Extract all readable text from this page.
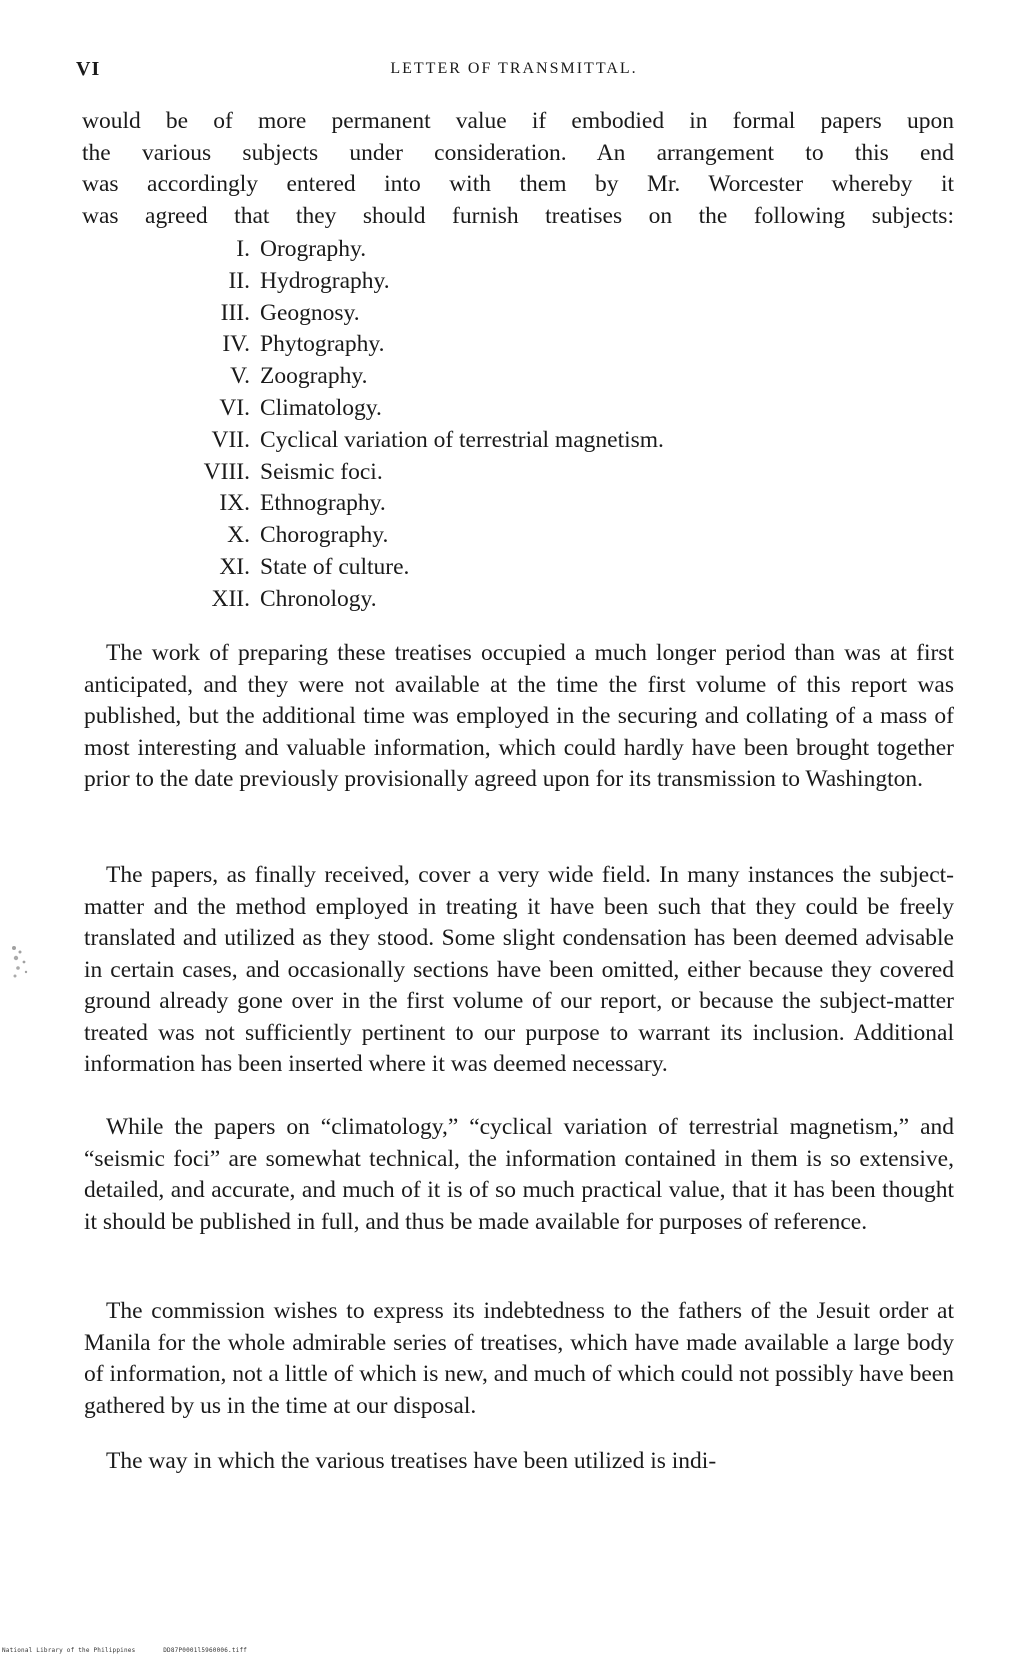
VI	LETTER OF TRANSMITTAL.
would be of more permanent value if embodied in formal papers upon
the various subjects under consideration. An arrangement to this end
was accordingly entered into with them by Mr. Worcester whereby it
was agreed that they should furnish treatises on the following subjects:
I. Orography.
II. Hydrography.
III. Geognosy.
IV. Phytography.
V. Zoography.
VI. Climatology.
VII. Cyclical variation of terrestrial magnetism.
VIII. Seismic foci.
IX. Ethnography.
X. Chorography.
XI. State of culture.
XII. Chronology.

The work of preparing these treatises occupied a much longer period than was at first anticipated, and they were not available at the time the first volume of this report was published, but the additional time was employed in the securing and collating of a mass of most interesting and valuable information, which could hardly have been brought together prior to the date previously provisionally agreed upon for its transmission to Washington.

The papers, as finally received, cover a very wide field. In many instances the subject-matter and the method employed in treating it have been such that they could be freely translated and utilized as they stood. Some slight condensation has been deemed advisable in certain cases, and occasionally sections have been omitted, either because they covered ground already gone over in the first volume of our report, or because the subject-matter treated was not sufficiently pertinent to our purpose to warrant its inclusion. Additional information has been inserted where it was deemed necessary.

While the papers on “climatology,” “cyclical variation of terrestrial magnetism,” and “seismic foci” are somewhat technical, the information contained in them is so extensive, detailed, and accurate, and much of it is of so much practical value, that it has been thought it should be published in full, and thus be made available for purposes of reference.

The commission wishes to express its indebtedness to the fathers of the Jesuit order at Manila for the whole admirable series of treatises, which have made available a large body of information, not a little of which is new, and much of which could not possibly have been gathered by us in the time at our disposal.

The way in which the various treatises have been utilized is indi-

National Library of the Philippines	DD87P0001l5960006.tiff
